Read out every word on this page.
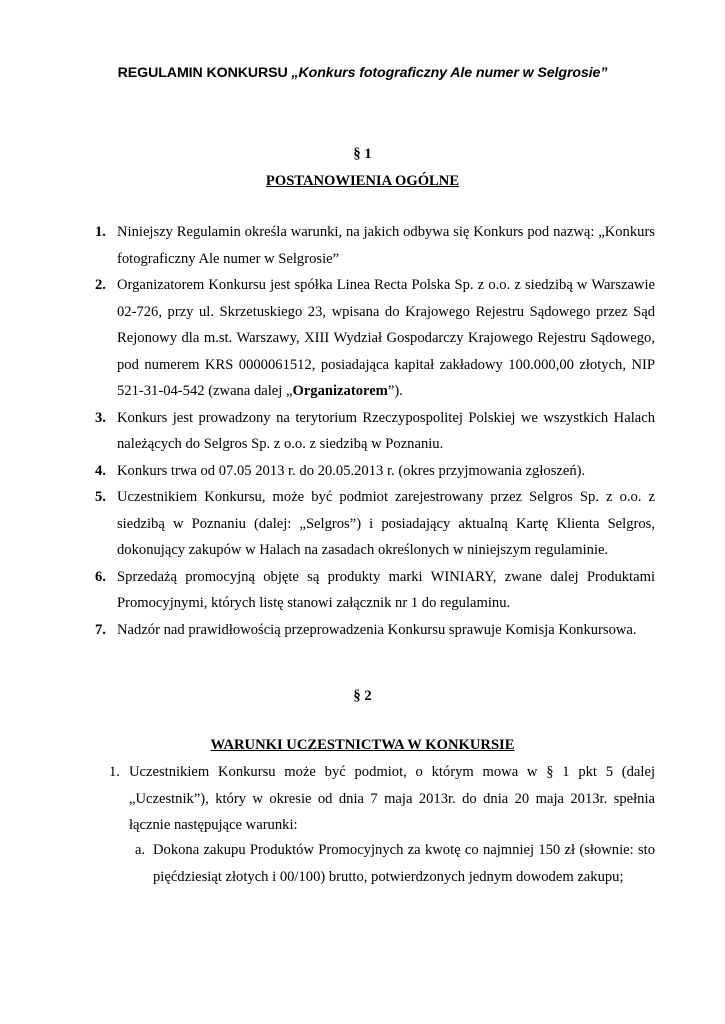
REGULAMIN KONKURSU „Konkurs fotograficzny Ale numer w Selgrosie”
§ 1
POSTANOWIENIA OGÓLNE
1. Niniejszy Regulamin określa warunki, na jakich odbywa się Konkurs pod nazwą: „Konkurs fotograficzny Ale numer w Selgrosie”
2. Organizatorem Konkursu jest spółka Linea Recta Polska Sp. z o.o. z siedzibą w Warszawie 02-726, przy ul. Skrzetuskiego 23, wpisana do Krajowego Rejestru Sądowego przez Sąd Rejonowy dla m.st. Warszawy, XIII Wydział Gospodarczy Krajowego Rejestru Sądowego, pod numerem KRS 0000061512, posiadająca kapitał zakładowy 100.000,00 złotych, NIP 521-31-04-542 (zwana dalej „Organizatorem”).
3. Konkurs jest prowadzony na terytorium Rzeczypospolitej Polskiej we wszystkich Halach należących do Selgros Sp. z o.o. z siedzibą w Poznaniu.
4. Konkurs trwa od 07.05 2013 r. do 20.05.2013 r. (okres przyjmowania zgłoszeń).
5. Uczestnikiem Konkursu, może być podmiot zarejestrowany przez Selgros Sp. z o.o. z siedzibą w Poznaniu (dalej: „Selgros”) i posiadający aktualną Kartę Klienta Selgros, dokonujący zakupów w Halach na zasadach określonych w niniejszym regulaminie.
6. Sprzedażą promocyjną objęte są produkty marki WINIARY, zwane dalej Produktami Promocyjnymi, których listę stanowi załącznik nr 1 do regulaminu.
7. Nadzór nad prawidłowością przeprowadzenia Konkursu sprawuje Komisja Konkursowa.
§ 2
WARUNKI UCZESTNICTWA W KONKURSIE
1. Uczestnikiem Konkursu może być podmiot, o którym mowa w § 1 pkt 5 (dalej „Uczestnik”), który w okresie od dnia 7 maja 2013r. do dnia 20 maja 2013r. spełnia łącznie następujące warunki:
a. Dokona zakupu Produktów Promocyjnych za kwotę co najmniej 150 zł (słownie: sto pięćdziesiąt złotych i 00/100) brutto, potwierdzonych jednym dowodem zakupu;
